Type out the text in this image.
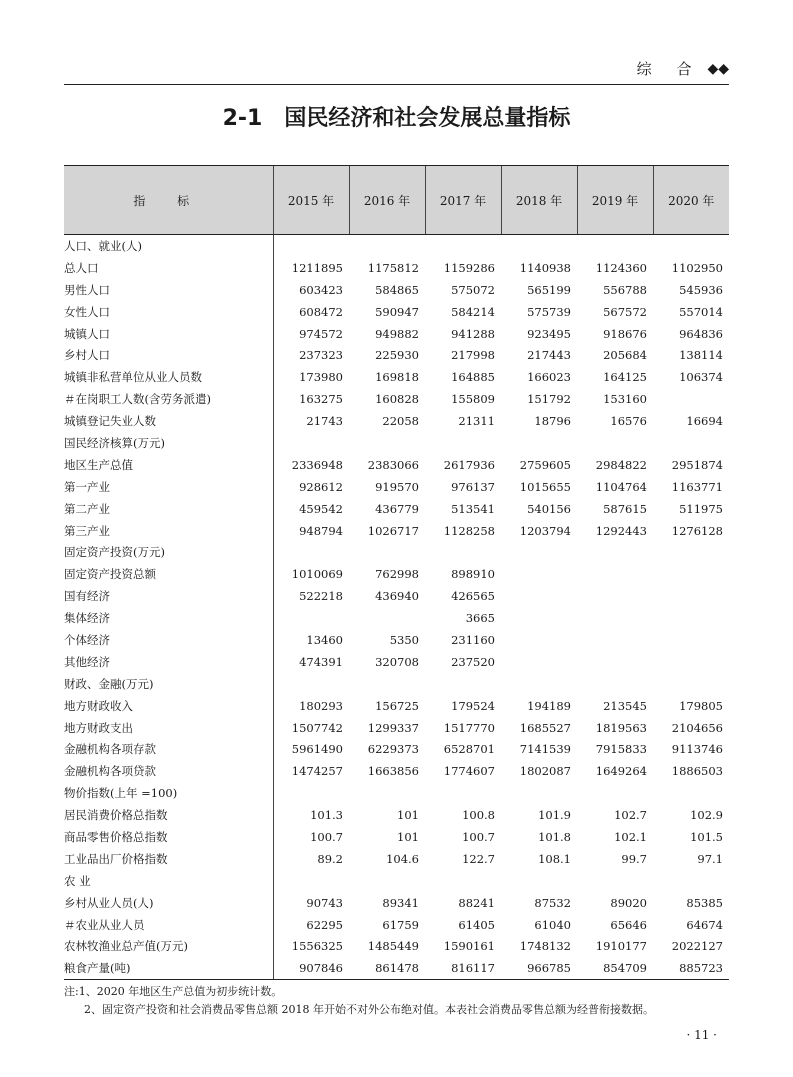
综 合 ◆◆
2-1 国民经济和社会发展总量指标
指 标	2015 年	2016 年	2017 年	2018 年	2019 年	2020 年
人口、就业(人)						
总人口	1211895	1175812	1159286	1140938	1124360	1102950
男性人口	603423	584865	575072	565199	556788	545936
女性人口	608472	590947	584214	575739	567572	557014
城镇人口	974572	949882	941288	923495	918676	964836
乡村人口	237323	225930	217998	217443	205684	138114
城镇非私营单位从业人员数	173980	169818	164885	166023	164125	106374
＃在岗职工人数(含劳务派遣)	163275	160828	155809	151792	153160	
城镇登记失业人数	21743	22058	21311	18796	16576	16694
国民经济核算(万元)						
地区生产总值	2336948	2383066	2617936	2759605	2984822	2951874
第一产业	928612	919570	976137	1015655	1104764	1163771
第二产业	459542	436779	513541	540156	587615	511975
第三产业	948794	1026717	1128258	1203794	1292443	1276128
固定资产投资(万元)						
固定资产投资总额	1010069	762998	898910			
国有经济	522218	436940	426565			
集体经济			3665			
个体经济	13460	5350	231160			
其他经济	474391	320708	237520			
财政、金融(万元)						
地方财政收入	180293	156725	179524	194189	213545	179805
地方财政支出	1507742	1299337	1517770	1685527	1819563	2104656
金融机构各项存款	5961490	6229373	6528701	7141539	7915833	9113746
金融机构各项贷款	1474257	1663856	1774607	1802087	1649264	1886503
物价指数(上年 =100)						
居民消费价格总指数	101.3	101	100.8	101.9	102.7	102.9
商品零售价格总指数	100.7	101	100.7	101.8	102.1	101.5
工业品出厂价格指数	89.2	104.6	122.7	108.1	99.7	97.1
农 业						
乡村从业人员(人)	90743	89341	88241	87532	89020	85385
＃农业从业人员	62295	61759	61405	61040	65646	64674
农林牧渔业总产值(万元)	1556325	1485449	1590161	1748132	1910177	2022127
粮食产量(吨)	907846	861478	816117	966785	854709	885723
注:1、2020 年地区生产总值为初步统计数。
2、固定资产投资和社会消费品零售总额 2018 年开始不对外公布绝对值。本表社会消费品零售总额为经普衔接数据。
· 11 ·
